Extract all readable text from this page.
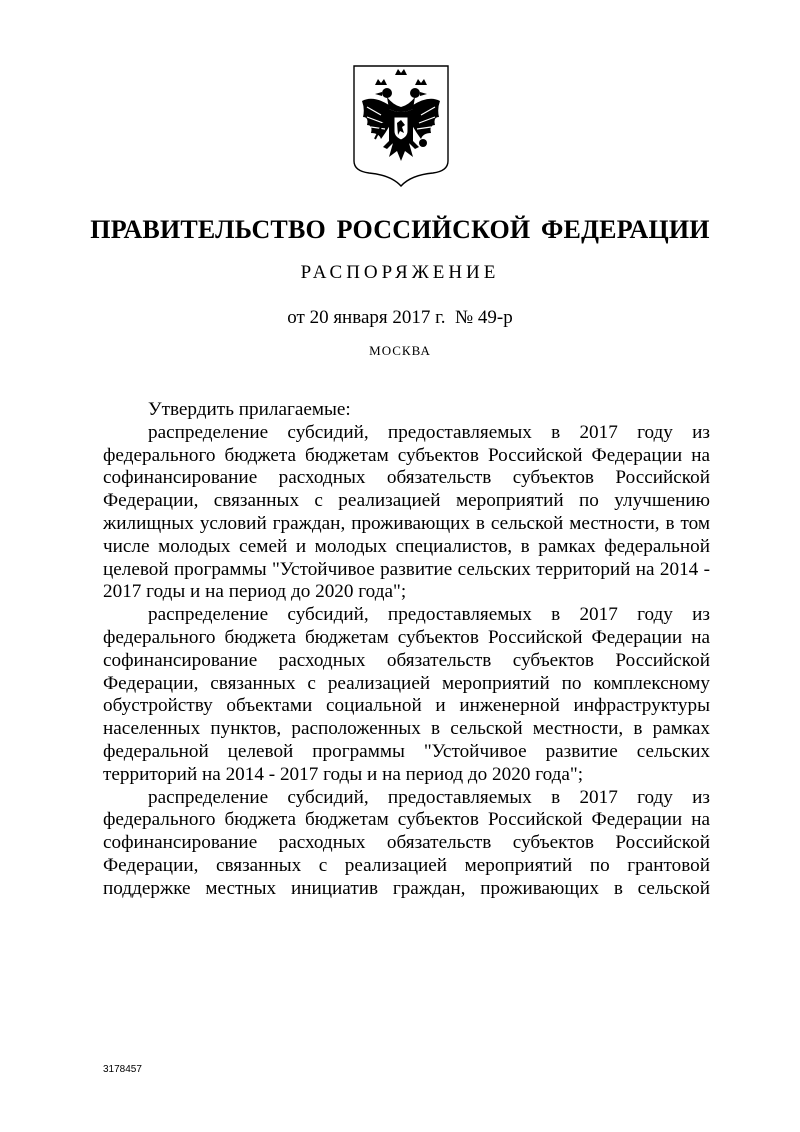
ПРАВИТЕЛЬСТВО РОССИЙСКОЙ ФЕДЕРАЦИИ
РАСПОРЯЖЕНИЕ
от 20 января 2017 г.  № 49-р
МОСКВА

Утвердить прилагаемые:

распределение субсидий, предоставляемых в 2017 году из федерального бюджета бюджетам субъектов Российской Федерации на софинансирование расходных обязательств субъектов Российской Федерации, связанных с реализацией мероприятий по улучшению жилищных условий граждан, проживающих в сельской местности, в том числе молодых семей и молодых специалистов, в рамках федеральной целевой программы "Устойчивое развитие сельских территорий на 2014 - 2017 годы и на период до 2020 года";

распределение субсидий, предоставляемых в 2017 году из федерального бюджета бюджетам субъектов Российской Федерации на софинансирование расходных обязательств субъектов Российской Федерации, связанных с реализацией мероприятий по комплексному обустройству объектами социальной и инженерной инфраструктуры населенных пунктов, расположенных в сельской местности, в рамках федеральной целевой программы "Устойчивое развитие сельских территорий на 2014 - 2017 годы и на период до 2020 года";

распределение субсидий, предоставляемых в 2017 году из федерального бюджета бюджетам субъектов Российской Федерации на софинансирование расходных обязательств субъектов Российской Федерации, связанных с реализацией мероприятий по грантовой поддержке местных инициатив граждан, проживающих в сельской

3178457
